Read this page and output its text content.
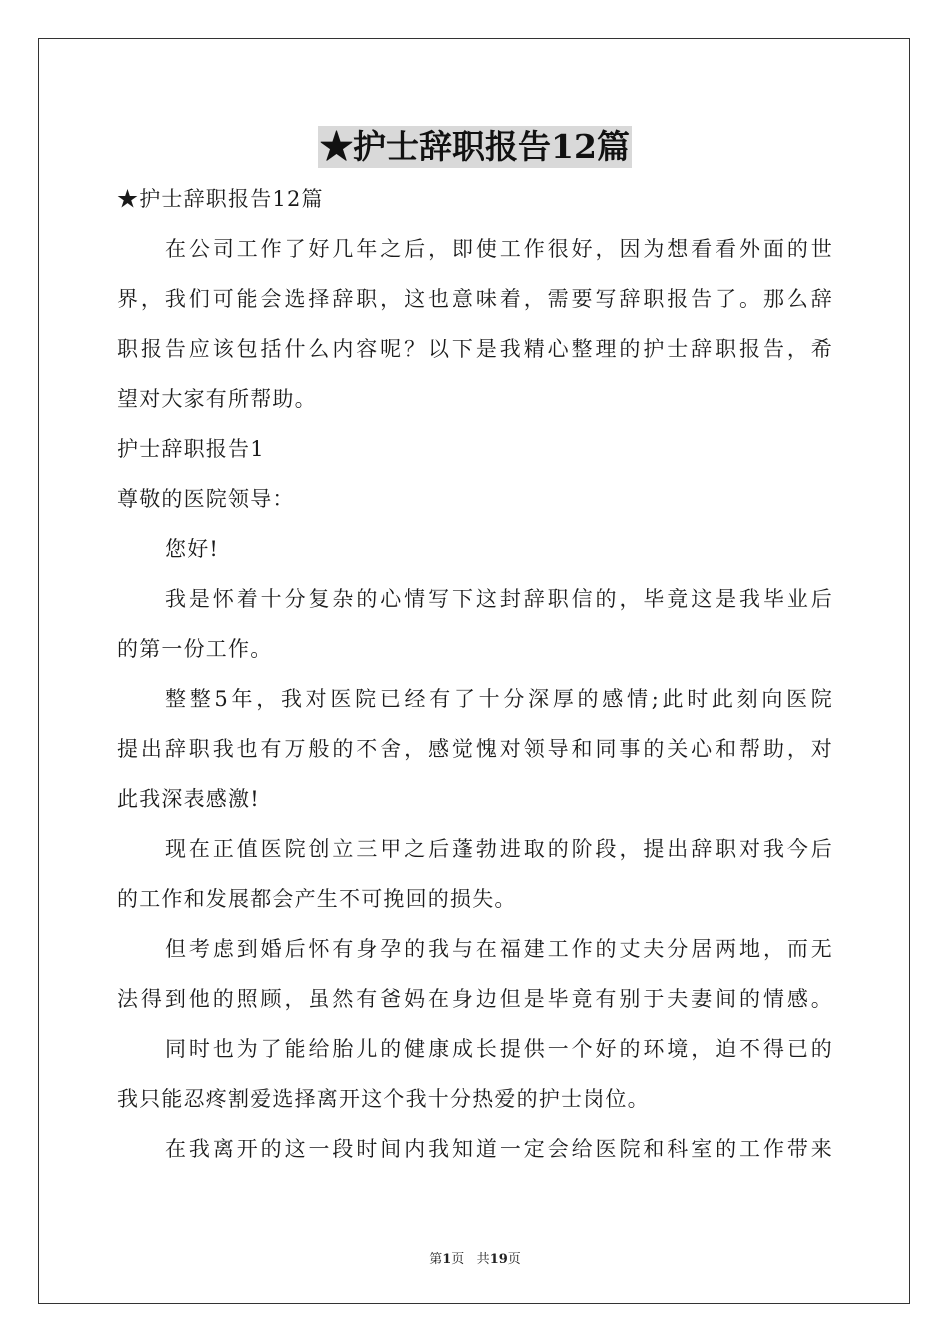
★护士辞职报告12篇
★护士辞职报告12篇
在公司工作了好几年之后，即使工作很好，因为想看看外面的世
界，我们可能会选择辞职，这也意味着，需要写辞职报告了。那么辞
职报告应该包括什么内容呢？以下是我精心整理的护士辞职报告，希
望对大家有所帮助。
护士辞职报告1
尊敬的医院领导：
您好!
我是怀着十分复杂的心情写下这封辞职信的，毕竟这是我毕业后
的第一份工作。
整整5年，我对医院已经有了十分深厚的感情;此时此刻向医院
提出辞职我也有万般的不舍，感觉愧对领导和同事的关心和帮助，对
此我深表感激!
现在正值医院创立三甲之后蓬勃进取的阶段，提出辞职对我今后
的工作和发展都会产生不可挽回的损失。
但考虑到婚后怀有身孕的我与在福建工作的丈夫分居两地，而无
法得到他的照顾，虽然有爸妈在身边但是毕竟有别于夫妻间的情感。
同时也为了能给胎儿的健康成长提供一个好的环境，迫不得已的
我只能忍疼割爱选择离开这个我十分热爱的护士岗位。
在我离开的这一段时间内我知道一定会给医院和科室的工作带来
第1页 共19页
